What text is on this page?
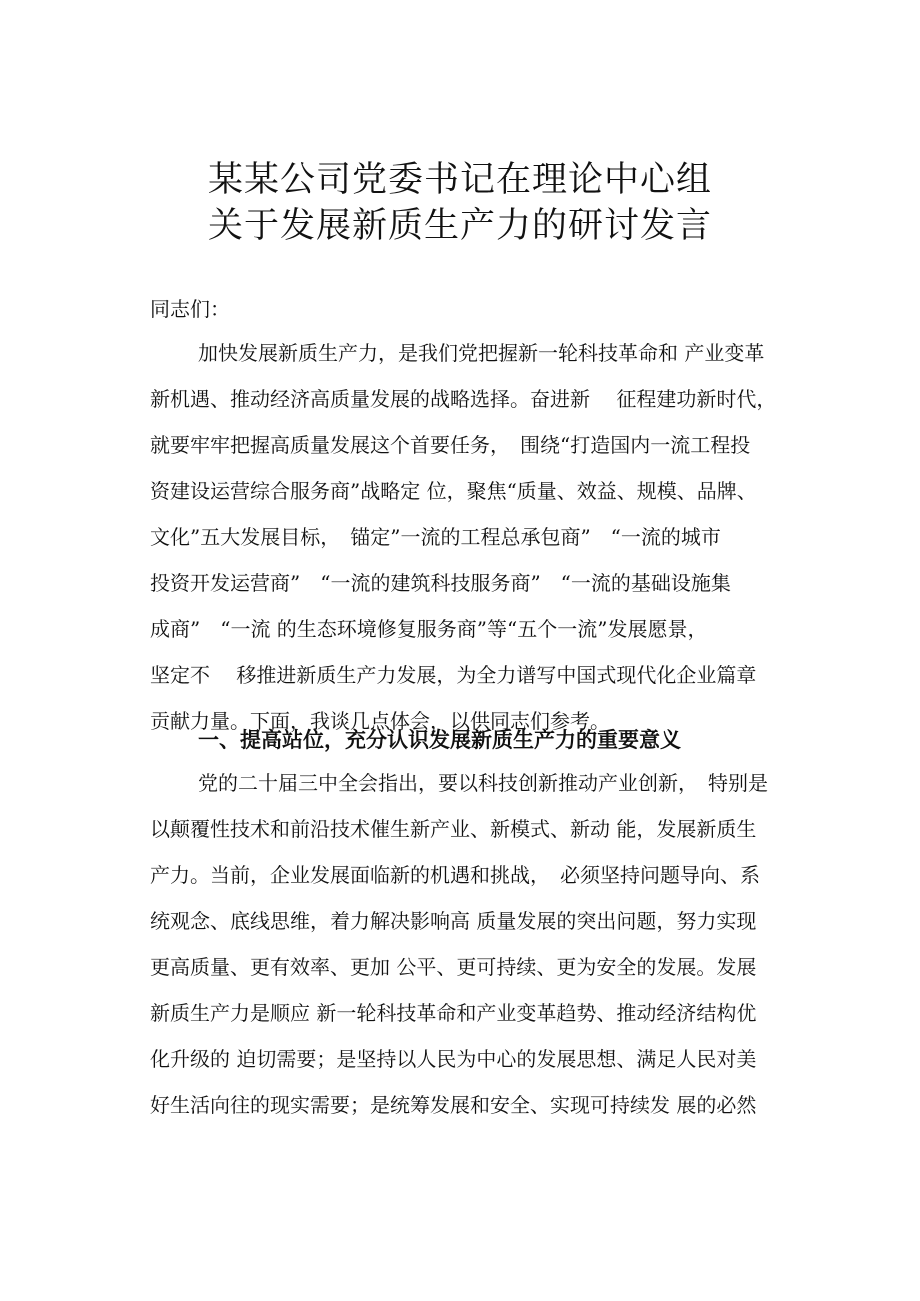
某某公司党委书记在理论中心组
关于发展新质生产力的研讨发言
同志们：
加快发展新质生产力，是我们党把握新一轮科技革命和 产业变革
新机遇、推动经济高质量发展的战略选择。奋进新　 征程建功新时代，
就要牢牢把握高质量发展这个首要任务，　围绕“打造国内一流工程投
资建设运营综合服务商”战略定 位，聚焦“质量、效益、规模、品牌、
文化”五大发展目标，　锚定”一流的工程总承包商”　“一流的城市
投资开发运营商”　“一流的建筑科技服务商”　“一流的基础设施集
成商”　“一流 的生态环境修复服务商”等“五个一流”发展愿景，
坚定不　 移推进新质生产力发展，为全力谱写中国式现代化企业篇章
贡献力量。下面，我谈几点体会，以供同志们参考。
一、提高站位，充分认识发展新质生产力的重要意义
党的二十届三中全会指出，要以科技创新推动产业创新，　特别是
以颠覆性技术和前沿技术催生新产业、新模式、新动 能，发展新质生
产力。当前，企业发展面临新的机遇和挑战，　必须坚持问题导向、系
统观念、底线思维，着力解决影响高 质量发展的突出问题，努力实现
更高质量、更有效率、更加 公平、更可持续、更为安全的发展。发展
新质生产力是顺应 新一轮科技革命和产业变革趋势、推动经济结构优
化升级的 迫切需要；是坚持以人民为中心的发展思想、满足人民对美
好生活向往的现实需要；是统筹发展和安全、实现可持续发 展的必然
